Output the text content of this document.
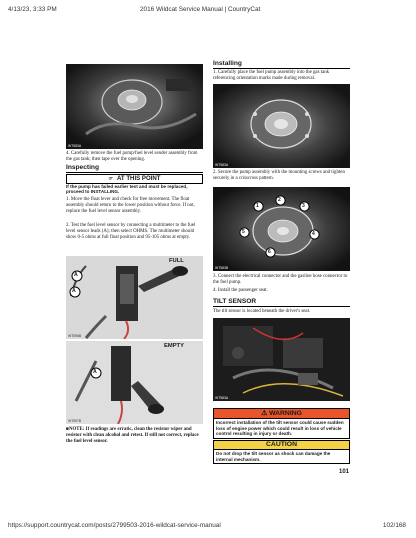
4/13/23, 3:33 PM	2016 Wildcat Service Manual | CountryCat
WT583A
4. Carefully remove the fuel pump/fuel level sender assembly from the gas tank; then tape over the opening.
Inspecting
☞ AT THIS POINT
If the pump has failed earlier test and must be replaced, proceed to INSTALLING.
1. Move the float lever and check for free movement. The float assembly should return to the lower position without force. If not, replace the fuel level sensor assembly.
2. Test the fuel level sensor by connecting a multimeter to the fuel level sensor leads (A); then select OHMS. The multimeter should show 0-5 ohms at full float position and 95-105 ohms at empty.
FULL
A
A
WT596B
EMPTY
A
WT597B
■NOTE: If readings are erratic, clean the resistor wiper and resistor with clean alcohol and retest. If still not correct, replace the fuel level sensor.
Installing
1. Carefully place the fuel pump assembly into the gas tank referencing orientation marks made during removal.
WT583A
2. Secure the pump assembly with the mounting screws and tighten securely in a crisscross pattern.
1
2
3
4
5
6
WT583B
3. Connect the electrical connector and the gasline hose connector to the fuel pump.
4. Install the passenger seat.
TILT SENSOR
The tilt sensor is located beneath the driver's seat.
WT583A
⚠ WARNING
Incorrect installation of the tilt sensor could cause sudden loss of engine power which could result in loss of vehicle control resulting in injury or death.
CAUTION
Do not drop the tilt sensor as shock can damage the internal mechanism.
101
https://support.countrycat.com/posts/2799503-2016-wildcat-service-manual	102/168
